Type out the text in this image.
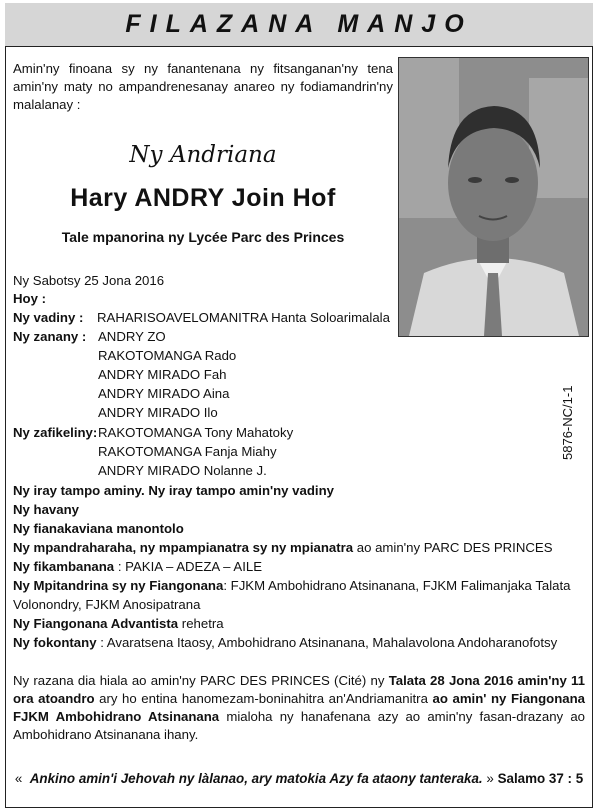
FILAZANA MANJO
Amin'ny finoana sy ny fanantenana ny fitsanganan'ny tena amin'ny maty no ampandrenesanay anareo ny fodiamandrin'ny malalanay :
Ny Andriana
Hary ANDRY Join Hof
Tale mpanorina ny Lycée Parc des Princes
Ny Sabotsy 25 Jona 2016
Hoy :
Ny vadiny : RAHARISOAVELOMANITRA Hanta Soloarimalala
Ny zanany : ANDRY ZO
RAKOTOMANGA Rado
ANDRY MIRADO Fah
ANDRY MIRADO Aina
ANDRY MIRADO Ilo
Ny zafikeliny: RAKOTOMANGA Tony Mahatoky
RAKOTOMANGA Fanja Miahy
ANDRY MIRADO Nolanne J.
Ny iray tampo aminy. Ny iray tampo amin'ny vadiny
Ny havany
Ny fianakaviana manontolo
Ny mpandraharaha, ny mpampianatra sy ny mpianatra ao amin'ny PARC DES PRINCES
Ny fikambanana : PAKIA – ADEZA – AILE
Ny Mpitandrina sy ny Fiangonana: FJKM Ambohidrano Atsinanana, FJKM Falimanjaka Talata
Volonondry, FJKM Anosipatrana
Ny Fiangonana Advantista rehetra
Ny fokontany : Avaratsena Itaosy, Ambohidrano Atsinanana, Mahalavolona Andoharanofotsy
5876-NC/1-1
Ny razana dia hiala ao amin'ny PARC DES PRINCES (Cité) ny Talata 28 Jona 2016 amin'ny 11 ora atoandro ary ho entina hanomezam-boninahitra an'Andriamanitra ao amin' ny Fiangonana FJKM Ambohidrano Atsinanana mialoha ny hanafenana azy ao amin'ny fasan-drazany ao Ambohidrano Atsinanana ihany.
« Ankino amin'i Jehovah ny làlanao, ary matokia Azy fa ataony tanteraka. » Salamo 37 : 5
